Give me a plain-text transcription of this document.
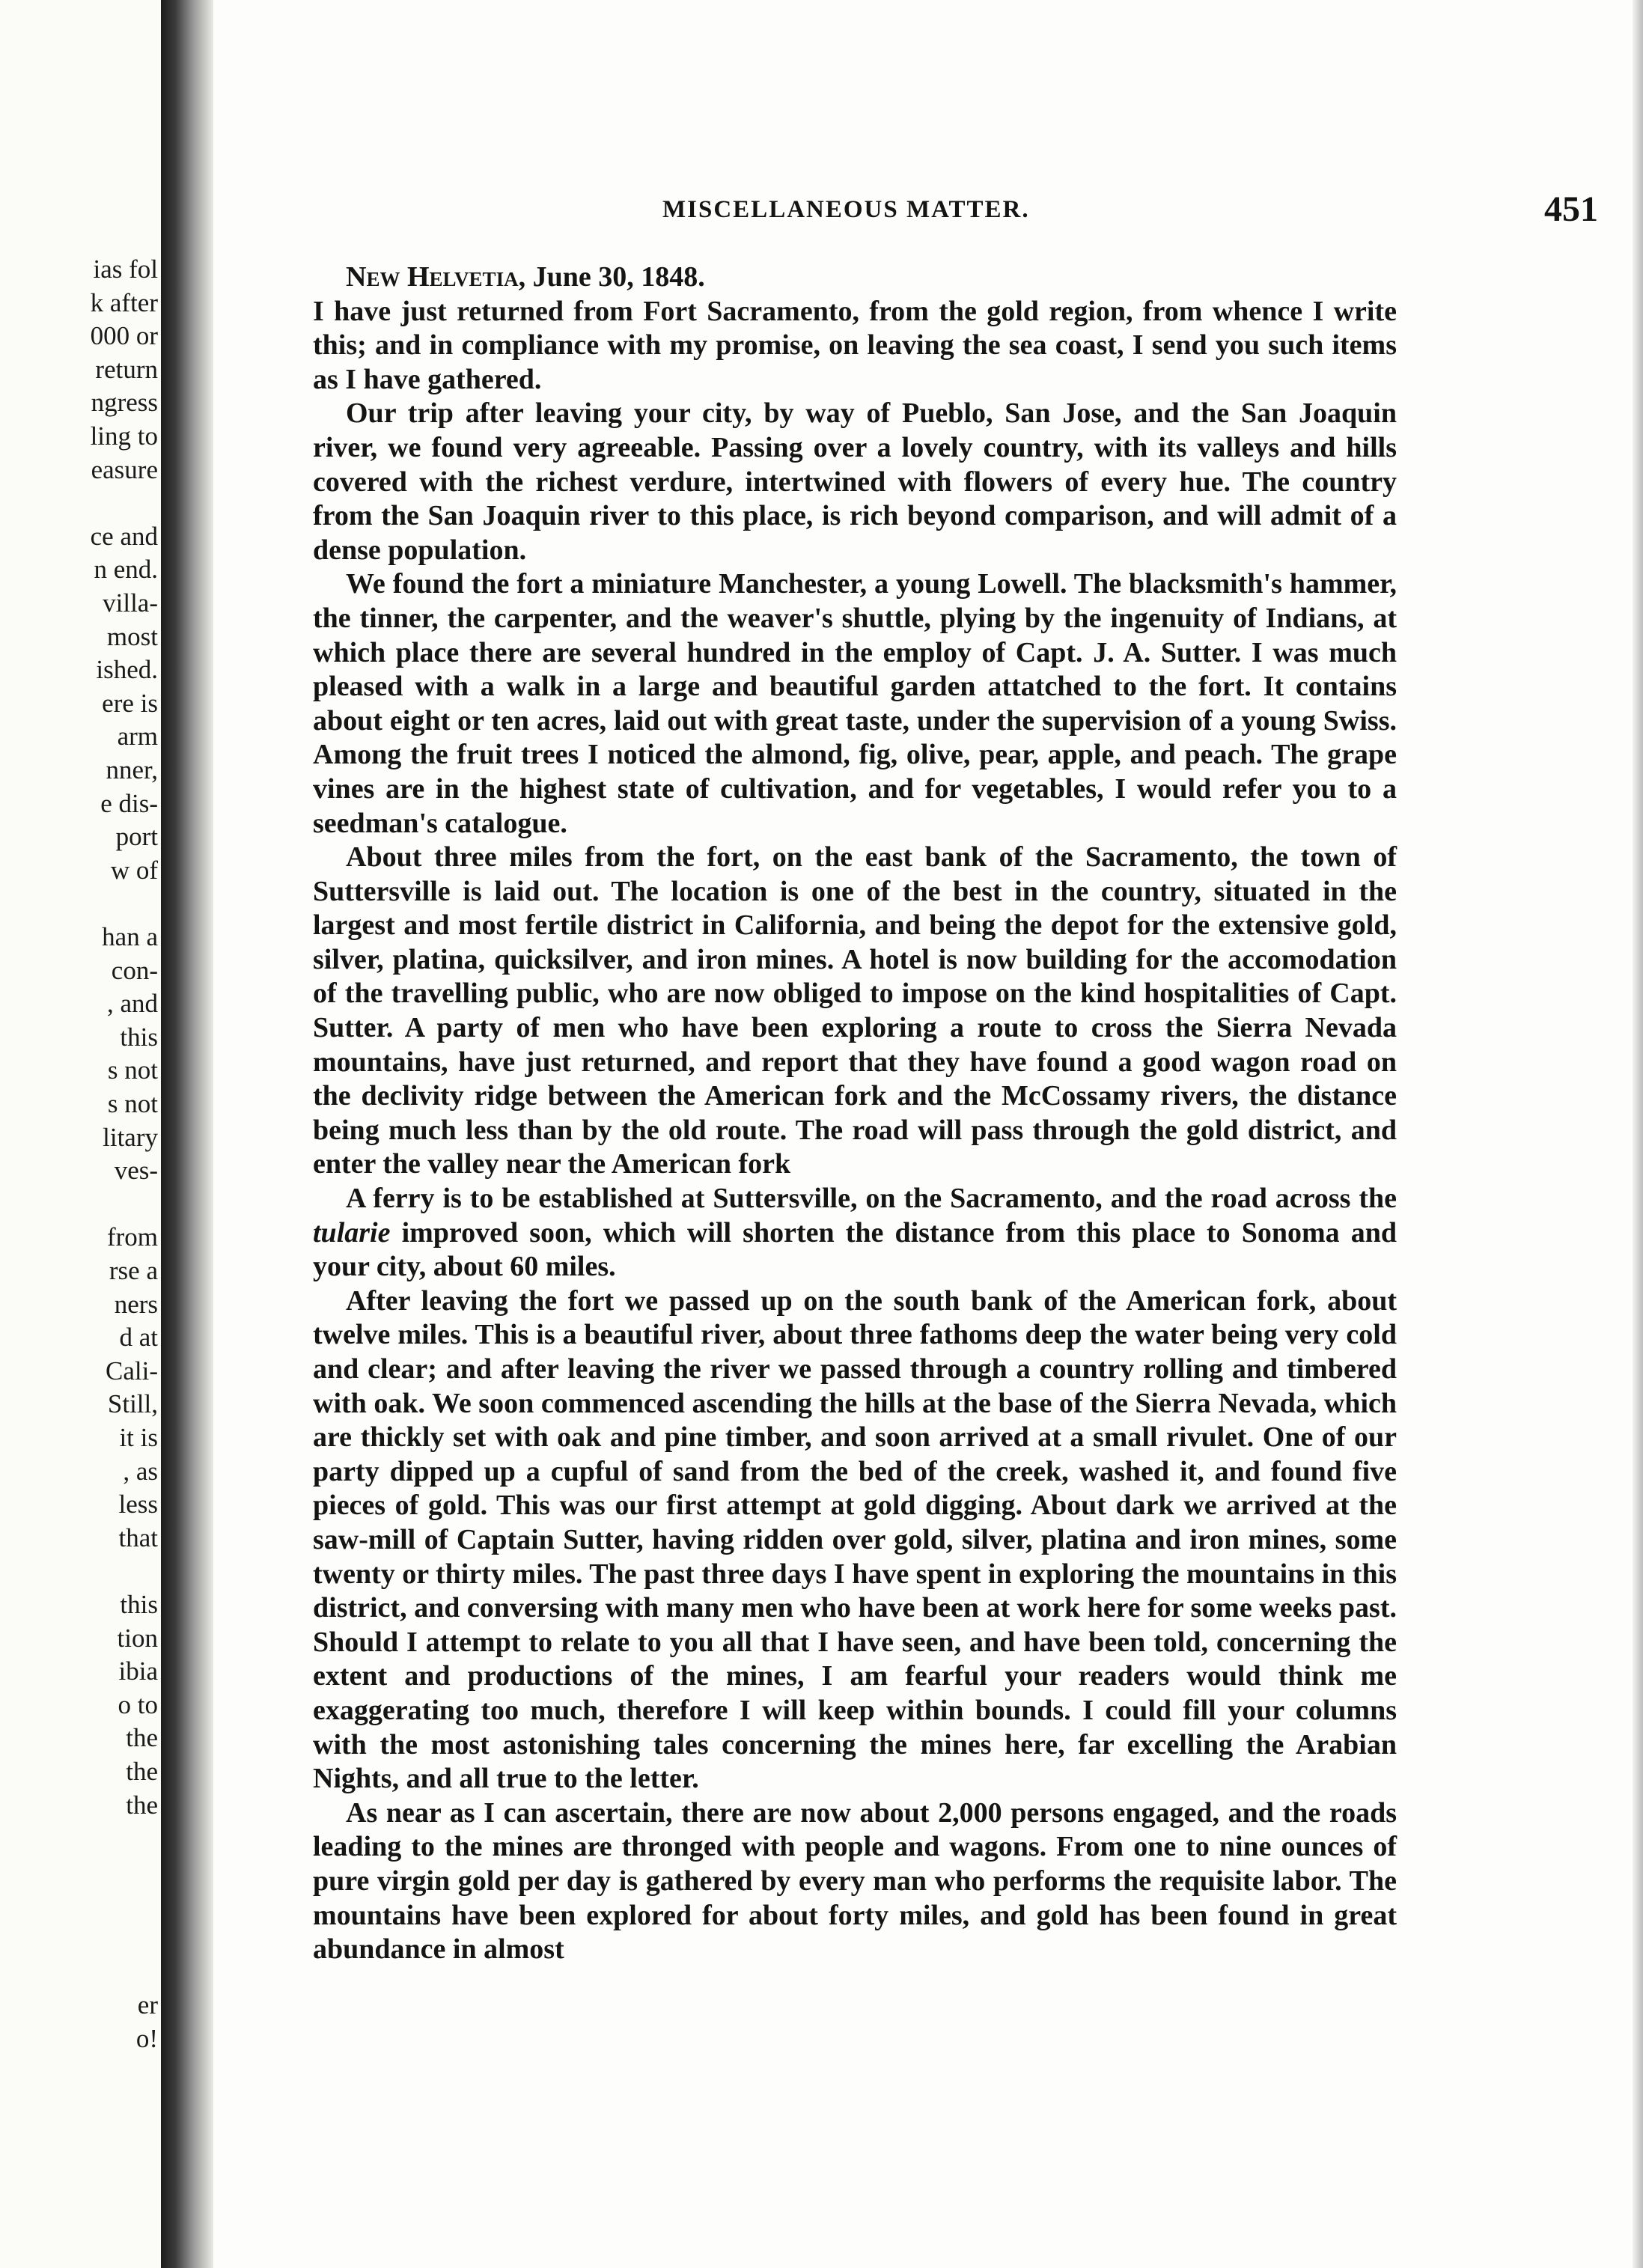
ias fol
k after
000 or
return
ngress
ling to
easure
ce and
n end.
villa-
most
ished.
ere is
arm
nner,
e dis-
port
w of
han a
con-
, and
this
s not
s not
litary
ves-
from
rse a
ners
d at
Cali-
Still,
it is
, as
less
that
this
tion
ibia
o to
the
the
the
er
o!
MISCELLANEOUS MATTER.	451

New Helvetia, June 30, 1848.

I have just returned from Fort Sacramento, from the gold region, from whence I write this; and in compliance with my promise, on leaving the sea coast, I send you such items as I have gathered.

Our trip after leaving your city, by way of Pueblo, San Jose, and the San Joaquin river, we found very agreeable. Passing over a lovely country, with its valleys and hills covered with the richest verdure, intertwined with flowers of every hue. The country from the San Joaquin river to this place, is rich beyond comparison, and will admit of a dense population.

We found the fort a miniature Manchester, a young Lowell. The blacksmith's hammer, the tinner, the carpenter, and the weaver's shuttle, plying by the ingenuity of Indians, at which place there are several hundred in the employ of Capt. J. A. Sutter. I was much pleased with a walk in a large and beautiful garden attatched to the fort. It contains about eight or ten acres, laid out with great taste, under the supervision of a young Swiss. Among the fruit trees I noticed the almond, fig, olive, pear, apple, and peach. The grape vines are in the highest state of cultivation, and for vegetables, I would refer you to a seedman's catalogue.

About three miles from the fort, on the east bank of the Sacramento, the town of Suttersville is laid out. The location is one of the best in the country, situated in the largest and most fertile district in California, and being the depot for the extensive gold, silver, platina, quicksilver, and iron mines. A hotel is now building for the accomodation of the travelling public, who are now obliged to impose on the kind hospitalities of Capt. Sutter. A party of men who have been exploring a route to cross the Sierra Nevada mountains, have just returned, and report that they have found a good wagon road on the declivity ridge between the American fork and the McCossamy rivers, the distance being much less than by the old route. The road will pass through the gold district, and enter the valley near the American fork

A ferry is to be established at Suttersville, on the Sacramento, and the road across the tularie improved soon, which will shorten the distance from this place to Sonoma and your city, about 60 miles.

After leaving the fort we passed up on the south bank of the American fork, about twelve miles. This is a beautiful river, about three fathoms deep the water being very cold and clear; and after leaving the river we passed through a country rolling and timbered with oak. We soon commenced ascending the hills at the base of the Sierra Nevada, which are thickly set with oak and pine timber, and soon arrived at a small rivulet. One of our party dipped up a cupful of sand from the bed of the creek, washed it, and found five pieces of gold. This was our first attempt at gold digging. About dark we arrived at the saw-mill of Captain Sutter, having ridden over gold, silver, platina and iron mines, some twenty or thirty miles. The past three days I have spent in exploring the mountains in this district, and conversing with many men who have been at work here for some weeks past. Should I attempt to relate to you all that I have seen, and have been told, concerning the extent and productions of the mines, I am fearful your readers would think me exaggerating too much, therefore I will keep within bounds. I could fill your columns with the most astonishing tales concerning the mines here, far excelling the Arabian Nights, and all true to the letter.

As near as I can ascertain, there are now about 2,000 persons engaged, and the roads leading to the mines are thronged with people and wagons. From one to nine ounces of pure virgin gold per day is gathered by every man who performs the requisite labor. The mountains have been explored for about forty miles, and gold has been found in great abundance in almost
